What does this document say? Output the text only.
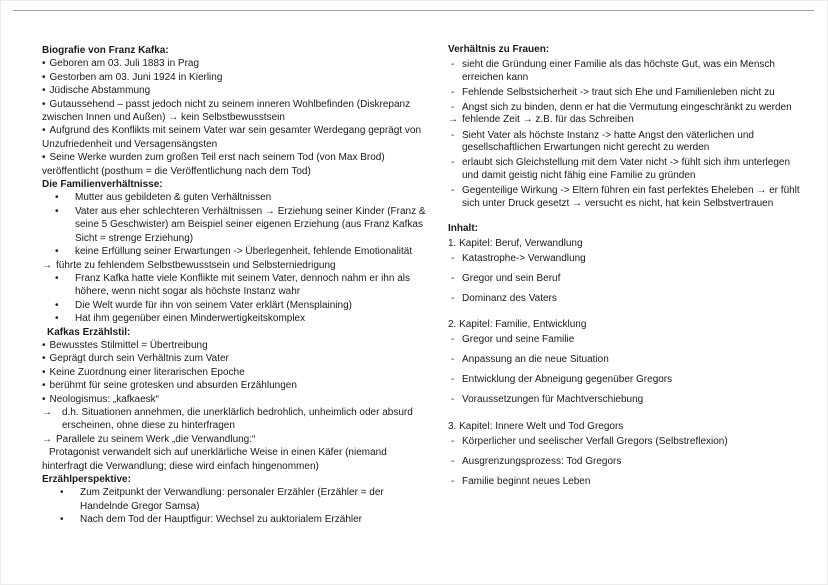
Biografie von Franz Kafka:
• Geboren am 03. Juli 1883 in Prag
• Gestorben am 03. Juni 1924 in Kierling
• Jüdische Abstammung
• Gutaussehend – passt jedoch nicht zu seinem inneren Wohlbefinden (Diskrepanz zwischen Innen und Außen) → kein Selbstbewusstsein
• Aufgrund des Konflikts mit seinem Vater war sein gesamter Werdegang geprägt von Unzufriedenheit und Versagensängsten
• Seine Werke wurden zum großen Teil erst nach seinem Tod (von Max Brod) veröffentlicht (posthum = die Veröffentlichung nach dem Tod)
Die Familienverhältnisse:
•	Mutter aus gebildeten & guten Verhältnissen
•	Vater aus eher schlechteren Verhältnissen → Erziehung seiner Kinder (Franz & seine 5 Geschwister) am Beispiel seiner eigenen Erziehung (aus Franz Kafkas Sicht = strenge Erziehung)
•	keine Erfüllung seiner Erwartungen -> Überlegenheit, fehlende Emotionalität
→ führte zu fehlendem Selbstbewusstsein und Selbsterniedrigung
•	Franz Kafka hatte viele Konflikte mit seinem Vater, dennoch nahm er ihn als höhere, wenn nicht sogar als höchste Instanz wahr
•	Die Welt wurde für ihn von seinem Vater erklärt (Mensplaining)
•	Hat ihm gegenüber einen Minderwertigkeitskomplex
Kafkas Erzählstil:
• Bewusstes Stilmittel = Übertreibung
• Geprägt durch sein Verhältnis zum Vater
• Keine Zuordnung einer literarischen Epoche
• berühmt für seine grotesken und absurden Erzählungen
• Neologismus: „kafkaesk“
→	d.h. Situationen annehmen, die unerklärlich bedrohlich, unheimlich oder absurd erscheinen, ohne diese zu hinterfragen
→ Parallele zu seinem Werk „die Verwandlung:“
Protagonist verwandelt sich auf unerklärliche Weise in einen Käfer (niemand hinterfragt die Verwandlung; diese wird einfach hingenommen)
Erzählperspektive:
•	Zum Zeitpunkt der Verwandlung: personaler Erzähler (Erzähler = der Handelnde Gregor Samsa)
•	Nach dem Tod der Hauptfigur: Wechsel zu auktorialem Erzähler
Verhältnis zu Frauen:
- sieht die Gründung einer Familie als das höchste Gut, was ein Mensch erreichen kann
- Fehlende Selbstsicherheit -> traut sich Ehe und Familienleben nicht zu
- Angst sich zu binden, denn er hat die Vermutung eingeschränkt zu werden
→ fehlende Zeit → z.B. für das Schreiben
- Sieht Vater als höchste Instanz -> hatte Angst den väterlichen und gesellschaftlichen Erwartungen nicht gerecht zu werden
- erlaubt sich Gleichstellung mit dem Vater nicht -> fühlt sich ihm unterlegen und damit geistig nicht fähig eine Familie zu gründen
- Gegenteilige Wirkung -> Eltern führen ein fast perfektes Eheleben → er fühlt sich unter Druck gesetzt → versucht es nicht, hat kein Selbstvertrauen
Inhalt:
1. Kapitel: Beruf, Verwandlung
- Katastrophe-> Verwandlung
- Gregor und sein Beruf
- Dominanz des Vaters
2. Kapitel: Familie, Entwicklung
- Gregor und seine Familie
- Anpassung an die neue Situation
- Entwicklung der Abneigung gegenüber Gregors
- Voraussetzungen für Machtverschiebung
3. Kapitel: Innere Welt und Tod Gregors
- Körperlicher und seelischer Verfall Gregors (Selbstreflexion)
- Ausgrenzungsprozess: Tod Gregors
- Familie beginnt neues Leben
